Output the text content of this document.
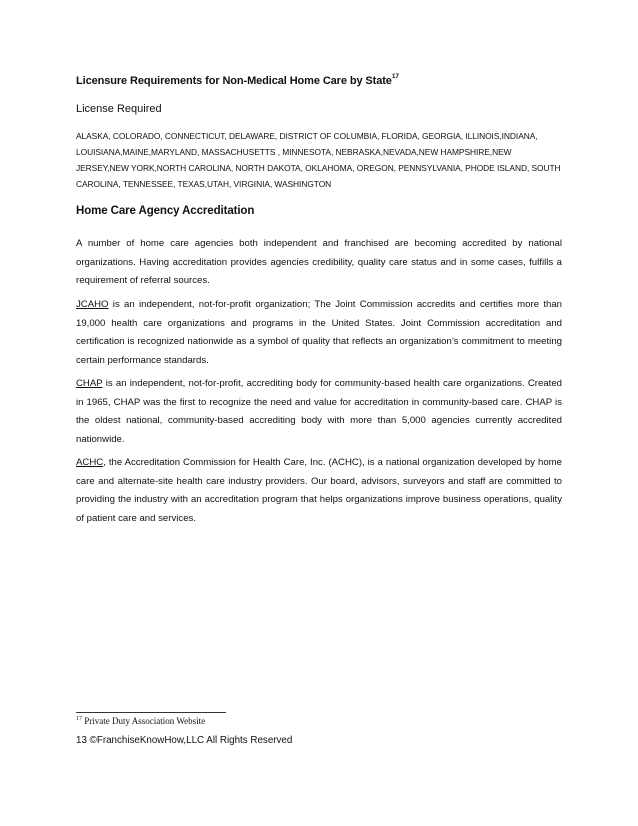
Licensure Requirements for Non-Medical Home Care by State$^{17}$
License Required
ALASKA, COLORADO, CONNECTICUT, DELAWARE, DISTRICT OF COLUMBIA, FLORIDA, GEORGIA, ILLINOIS,INDIANA, LOUISIANA,MAINE,MARYLAND, MASSACHUSETTS , MINNESOTA, NEBRASKA,NEVADA,NEW HAMPSHIRE,NEW JERSEY,NEW YORK,NORTH CAROLINA, NORTH DAKOTA, OKLAHOMA, OREGON, PENNSYLVANIA, PHODE ISLAND, SOUTH CAROLINA, TENNESSEE, TEXAS,UTAH, VIRGINIA, WASHINGTON
Home Care Agency Accreditation

A number of home care agencies both independent and franchised are becoming accredited by national organizations. Having accreditation provides agencies credibility, quality care status and in some cases, fulfills a requirement of referral sources.

JCAHO is an independent, not-for-profit organization; The Joint Commission accredits and certifies more than 19,000 health care organizations and programs in the United States. Joint Commission accreditation and certification is recognized nationwide as a symbol of quality that reflects an organization’s commitment to meeting certain performance standards.

CHAP is an independent, not-for-profit, accrediting body for community-based health care organizations. Created in 1965, CHAP was the first to recognize the need and value for accreditation in community-based care. CHAP is the oldest national, community-based accrediting body with more than 5,000 agencies currently accredited nationwide.

ACHC, the Accreditation Commission for Health Care, Inc. (ACHC), is a national organization developed by home care and alternate-site health care industry providers. Our board, advisors, surveyors and staff are committed to providing the industry with an accreditation program that helps organizations improve business operations, quality of patient care and services.

$^{17}$ Private Duty Association Website
13 ©FranchiseKnowHow,LLC All Rights Reserved
